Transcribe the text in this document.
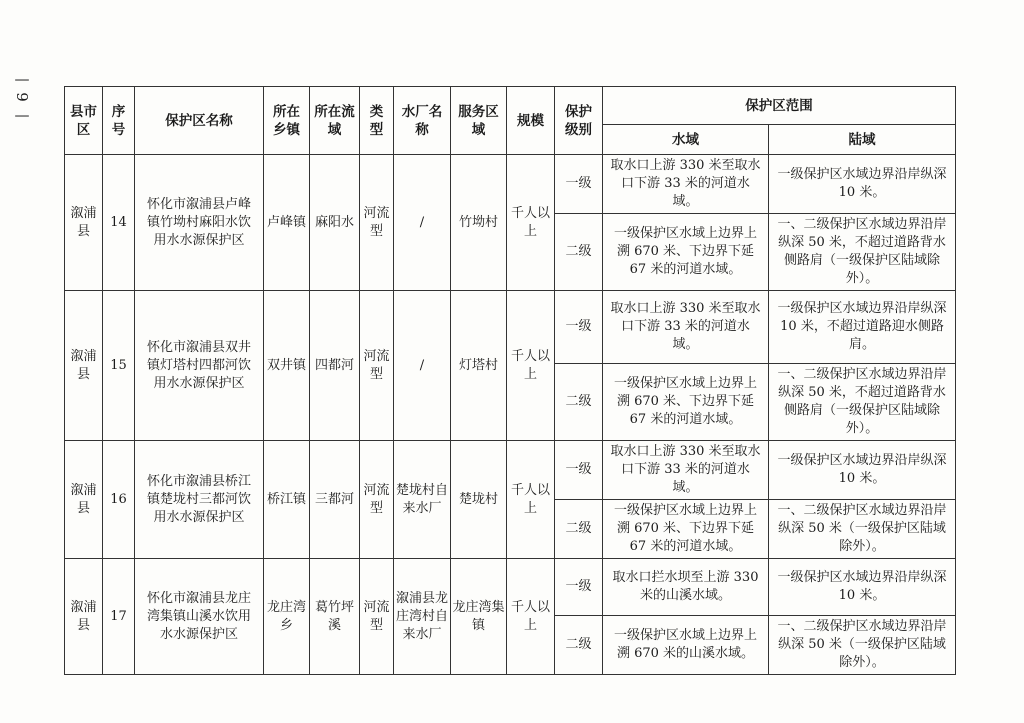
—
9
—	县市区	序号	保护区名称	所在乡镇	所在流域	类型	水厂名称	服务区域	规模	保护级别	保护区范围	
										水域	陆域
溆浦县	14	怀化市溆浦县卢峰镇竹坳村麻阳水饮用水水源保护区	卢峰镇	麻阳水	河流型	/	竹坳村	千人以上	一级	取水口上游 330 米至取水口下游 33 米的河道水域。	一级保护区水域边界沿岸纵深 10 米。
									二级	一级保护区水域上边界上溯 670 米、下边界下延 67 米的河道水域。	一、二级保护区水域边界沿岸纵深 50 米，不超过道路背水侧路肩（一级保护区陆域除外）。
溆浦县	15	怀化市溆浦县双井镇灯塔村四都河饮用水水源保护区	双井镇	四都河	河流型	/	灯塔村	千人以上	一级	取水口上游 330 米至取水口下游 33 米的河道水域。	一级保护区水域边界沿岸纵深 10 米，不超过道路迎水侧路肩。
									二级	一级保护区水域上边界上溯 670 米、下边界下延 67 米的河道水域。	一、二级保护区水域边界沿岸纵深 50 米，不超过道路背水侧路肩（一级保护区陆域除外）。
溆浦县	16	怀化市溆浦县桥江镇楚垅村三都河饮用水水源保护区	桥江镇	三都河	河流型	楚垅村自来水厂	楚垅村	千人以上	一级	取水口上游 330 米至取水口下游 33 米的河道水域。	一级保护区水域边界沿岸纵深 10 米。
									二级	一级保护区水域上边界上溯 670 米、下边界下延 67 米的河道水域。	一、二级保护区水域边界沿岸纵深 50 米（一级保护区陆域除外）。
溆浦县	17	怀化市溆浦县龙庄湾集镇山溪水饮用水水源保护区	龙庄湾乡	葛竹坪溪	河流型	溆浦县龙庄湾村自来水厂	龙庄湾集镇	千人以上	一级	取水口拦水坝至上游 330 米的山溪水域。	一级保护区水域边界沿岸纵深 10 米。
									二级	一级保护区水域上边界上溯 670 米的山溪水域。	一、二级保护区水域边界沿岸纵深 50 米（一级保护区陆域除外）。
